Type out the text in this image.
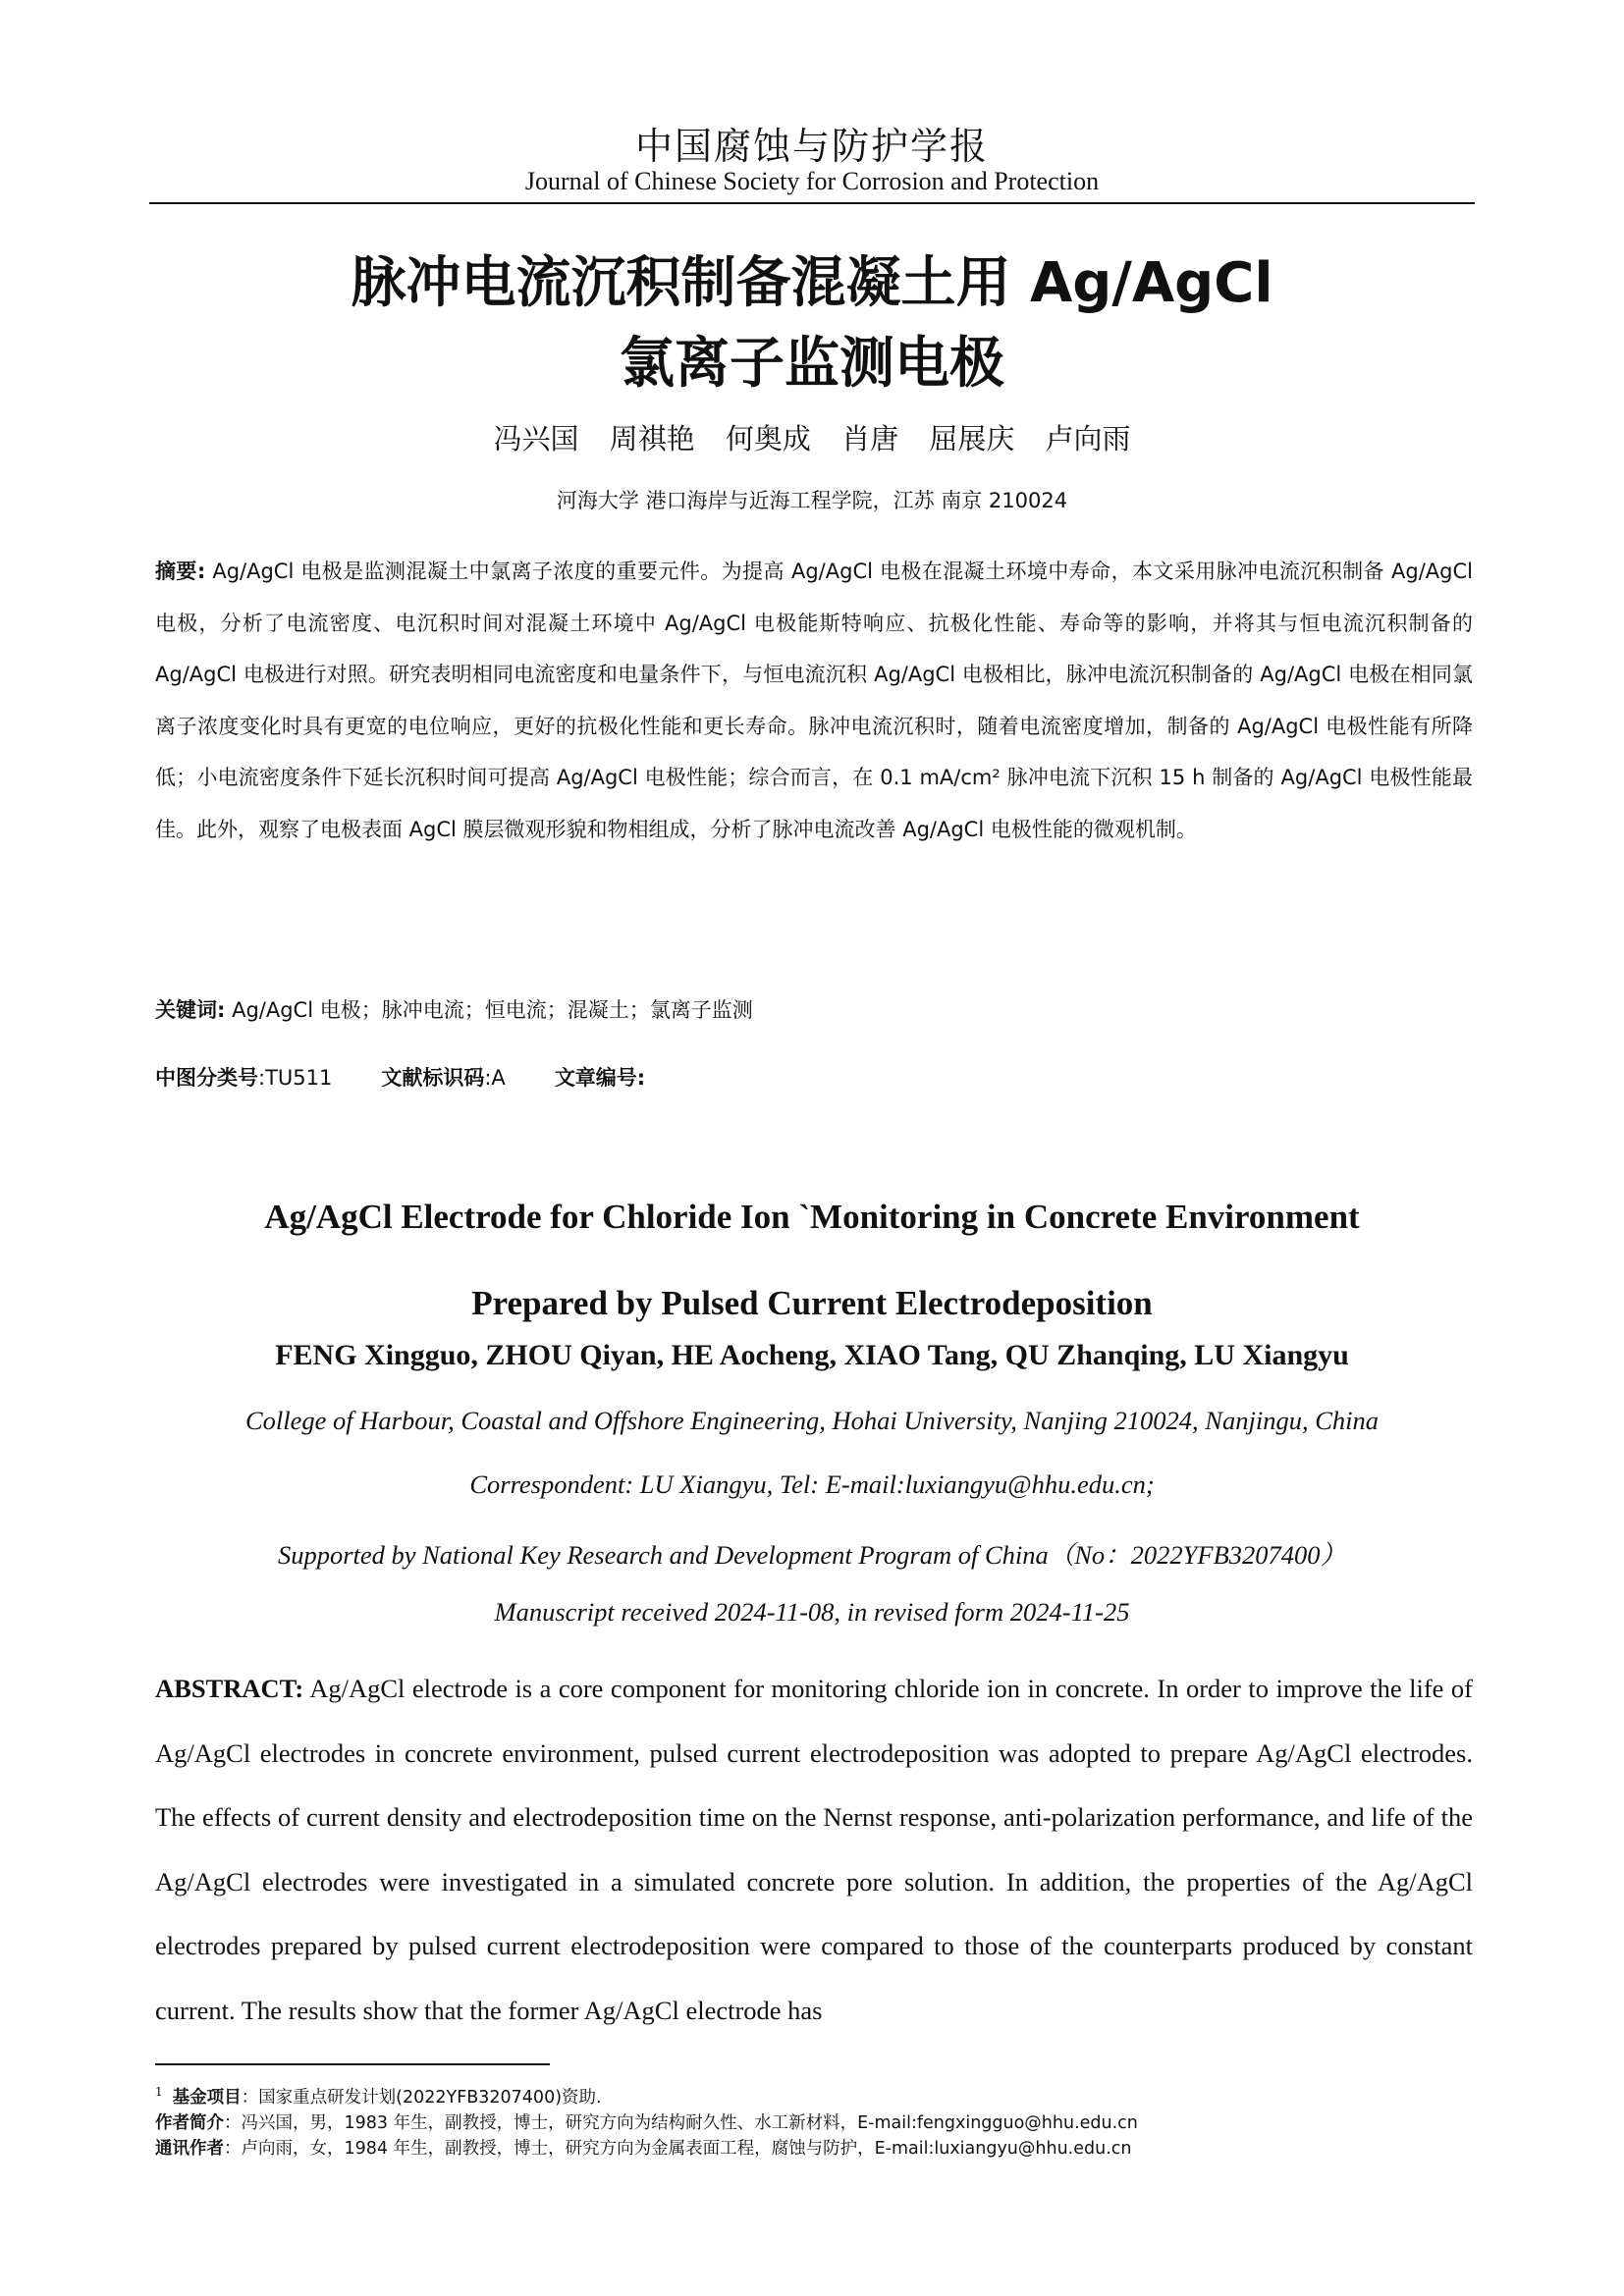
中国腐蚀与防护学报
Journal of Chinese Society for Corrosion and Protection
脉冲电流沉积制备混凝土用 Ag/AgCl
氯离子监测电极
冯兴国 周祺艳 何奥成 肖唐 屈展庆 卢向雨
河海大学 港口海岸与近海工程学院，江苏 南京 210024
摘要: Ag/AgCl 电极是监测混凝土中氯离子浓度的重要元件。为提高 Ag/AgCl 电极在混凝土环境中寿命，本文采用脉冲电流沉积制备 Ag/AgCl 电极，分析了电流密度、电沉积时间对混凝土环境中 Ag/AgCl 电极能斯特响应、抗极化性能、寿命等的影响，并将其与恒电流沉积制备的 Ag/AgCl 电极进行对照。研究表明相同电流密度和电量条件下，与恒电流沉积 Ag/AgCl 电极相比，脉冲电流沉积制备的 Ag/AgCl 电极在相同氯离子浓度变化时具有更宽的电位响应，更好的抗极化性能和更长寿命。脉冲电流沉积时，随着电流密度增加，制备的 Ag/AgCl 电极性能有所降低；小电流密度条件下延长沉积时间可提高 Ag/AgCl 电极性能；综合而言，在 0.1 mA/cm² 脉冲电流下沉积 15 h 制备的 Ag/AgCl 电极性能最佳。此外，观察了电极表面 AgCl 膜层微观形貌和物相组成，分析了脉冲电流改善 Ag/AgCl 电极性能的微观机制。
关键词: Ag/AgCl 电极；脉冲电流；恒电流；混凝土；氯离子监测
中图分类号:TU511 文献标识码:A 文章编号:
Ag/AgCl Electrode for Chloride Ion `Monitoring in Concrete Environment
Prepared by Pulsed Current Electrodeposition
FENG Xingguo, ZHOU Qiyan, HE Aocheng, XIAO Tang, QU Zhanqing, LU Xiangyu
College of Harbour, Coastal and Offshore Engineering, Hohai University, Nanjing 210024, Nanjingu, China
Correspondent: LU Xiangyu, Tel: E-mail:luxiangyu@hhu.edu.cn;
Supported by National Key Research and Development Program of China（No：2022YFB3207400）
Manuscript received 2024-11-08, in revised form 2024-11-25
ABSTRACT: Ag/AgCl electrode is a core component for monitoring chloride ion in concrete. In order to improve the life of Ag/AgCl electrodes in concrete environment, pulsed current electrodeposition was adopted to prepare Ag/AgCl electrodes. The effects of current density and electrodeposition time on the Nernst response, anti-polarization performance, and life of the Ag/AgCl electrodes were investigated in a simulated concrete pore solution. In addition, the properties of the Ag/AgCl electrodes prepared by pulsed current electrodeposition were compared to those of the counterparts produced by constant current. The results show that the former Ag/AgCl electrode has
$^1$ 基金项目：国家重点研发计划(2022YFB3207400)资助.
作者简介：冯兴国，男，1983 年生，副教授，博士，研究方向为结构耐久性、水工新材料，E-mail:fengxingguo@hhu.edu.cn
通讯作者：卢向雨，女，1984 年生，副教授，博士，研究方向为金属表面工程，腐蚀与防护，E-mail:luxiangyu@hhu.edu.cn
